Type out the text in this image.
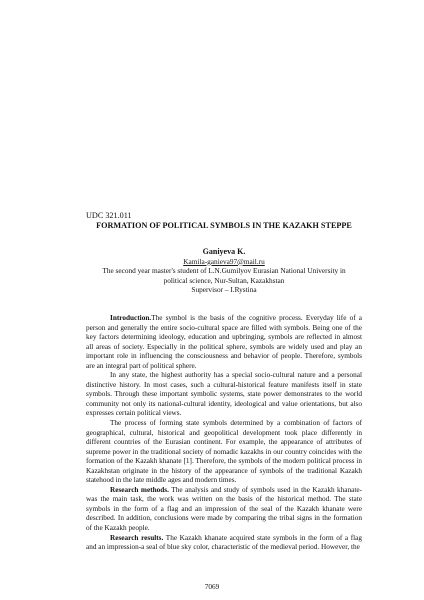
UDC 321.011

FORMATION OF POLITICAL SYMBOLS IN THE KAZAKH STEPPE

Ganiyeva K.

Kamila-ganieva97@mail.ru

The second year master's student of L.N.Gumilyov Eurasian National University in

political science, Nur-Sultan, Kazakhstan

Supervisor – I.Rystina

Introduction.The symbol is the basis of the cognitive process. Everyday life of a person and generally the entire socio-cultural space are filled with symbols. Being one of the key factors determining ideology, education and upbringing, symbols are reflected in almost all areas of society. Especially in the political sphere, symbols are widely used and play an important role in influencing the consciousness and behavior of people. Therefore, symbols are an integral part of political sphere.

In any state, the highest authority has a special socio-cultural nature and a personal distinctive history. In most cases, such a cultural-historical feature manifests itself in state symbols. Through these important symbolic systems, state power demonstrates to the world community not only its national-cultural identity, ideological and value orientations, but also expresses certain political views.

The process of forming state symbols determined by a combination of factors of geographical, cultural, historical and geopolitical development took place differently in different countries of the Eurasian continent. For example, the appearance of attributes of supreme power in the traditional society of nomadic kazakhs in our country coincides with the formation of the Kazakh khanate [1]. Therefore, the symbols of the modern political process in Kazakhstan originate in the history of the appearance of symbols of the traditional Kazakh statehood in the late middle ages and modern times.

Research methods. The analysis and study of symbols used in the Kazakh khanate-was the main task, the work was written on the basis of the historical method. The state symbols in the form of a flag and an impression of the seal of the Kazakh khanate were described. In addition, conclusions were made by comparing the tribal signs in the formation of the Kazakh people.

Research results. The Kazakh khanate acquired state symbols in the form of a flag and an impression-a seal of blue sky color, characteristic of the medieval period. However, the

7069
